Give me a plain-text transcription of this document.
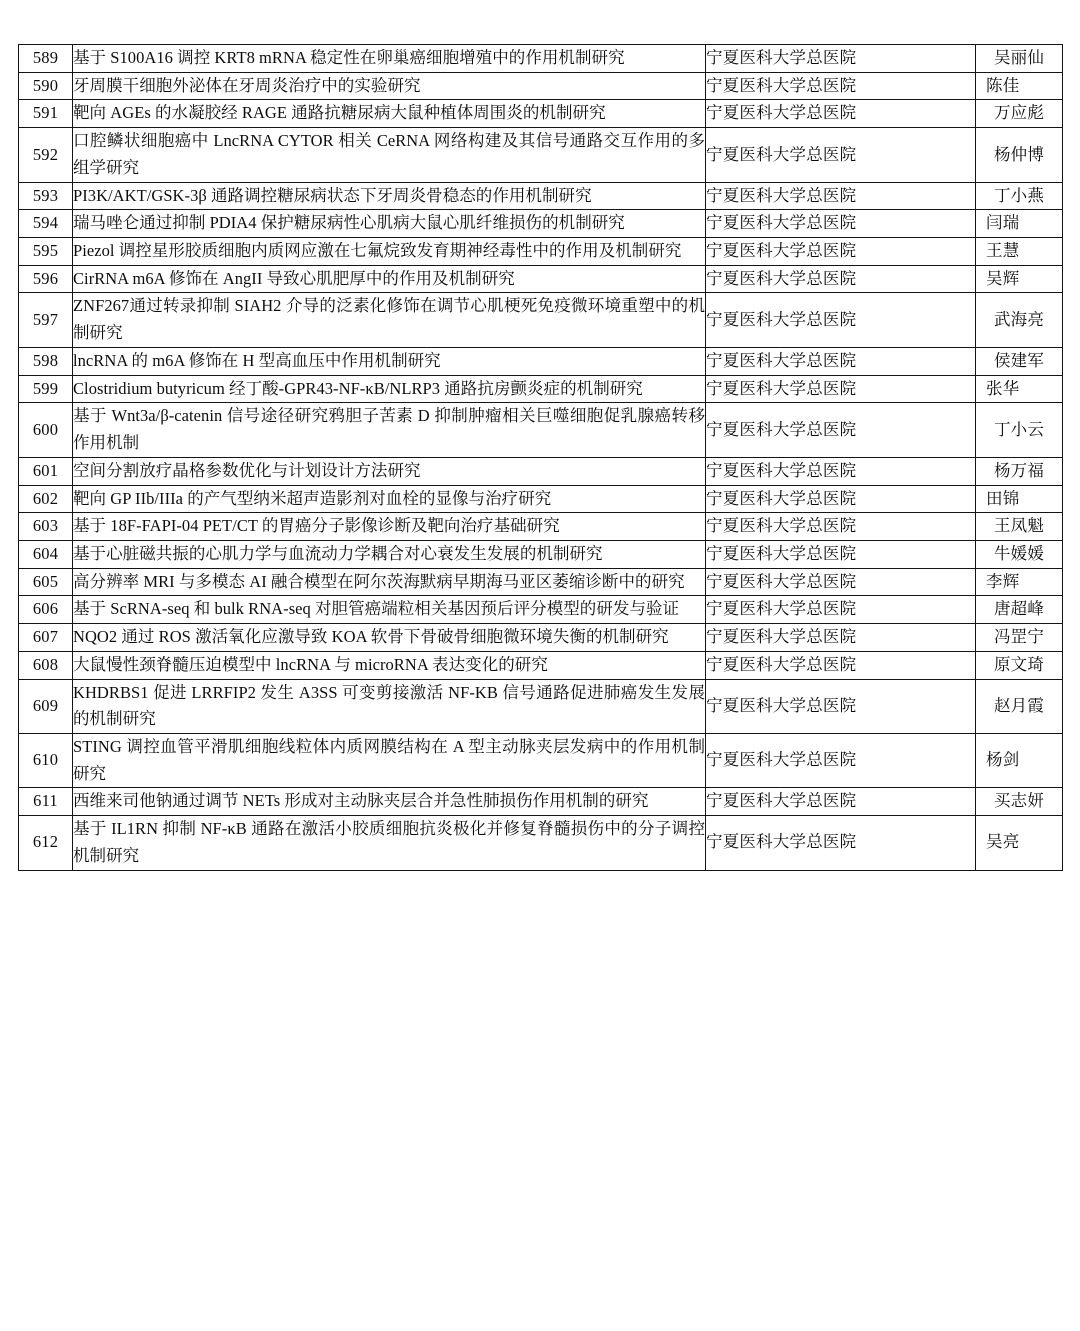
589	基于 S100A16 调控 KRT8 mRNA 稳定性在卵巢癌细胞增殖中的作用机制研究	宁夏医科大学总医院	吴丽仙
590	牙周膜干细胞外泌体在牙周炎治疗中的实验研究	宁夏医科大学总医院	陈佳
591	靶向 AGEs 的水凝胶经 RAGE 通路抗糖尿病大鼠种植体周围炎的机制研究	宁夏医科大学总医院	万应彪
592	口腔鳞状细胞癌中 LncRNA CYTOR 相关 CeRNA 网络构建及其信号通路交互作用的多组学研究	宁夏医科大学总医院	杨仲博
593	PI3K/AKT/GSK-3β 通路调控糖尿病状态下牙周炎骨稳态的作用机制研究	宁夏医科大学总医院	丁小燕
594	瑞马唑仑通过抑制 PDIA4 保护糖尿病性心肌病大鼠心肌纤维损伤的机制研究	宁夏医科大学总医院	闫瑞
595	Piezol 调控星形胶质细胞内质网应激在七氟烷致发育期神经毒性中的作用及机制研究	宁夏医科大学总医院	王慧
596	CirRNA m6A 修饰在 AngII 导致心肌肥厚中的作用及机制研究	宁夏医科大学总医院	吴辉
597	ZNF267通过转录抑制 SIAH2 介导的泛素化修饰在调节心肌梗死免疫微环境重塑中的机制研究	宁夏医科大学总医院	武海亮
598	lncRNA 的 m6A 修饰在 H 型高血压中作用机制研究	宁夏医科大学总医院	侯建军
599	Clostridium butyricum 经丁酸-GPR43-NF-κB/NLRP3 通路抗房颤炎症的机制研究	宁夏医科大学总医院	张华
600	基于 Wnt3a/β-catenin 信号途径研究鸦胆子苦素 D 抑制肿瘤相关巨噬细胞促乳腺癌转移作用机制	宁夏医科大学总医院	丁小云
601	空间分割放疗晶格参数优化与计划设计方法研究	宁夏医科大学总医院	杨万福
602	靶向 GP IIb/IIIa 的产气型纳米超声造影剂对血栓的显像与治疗研究	宁夏医科大学总医院	田锦
603	基于 18F-FAPI-04 PET/CT 的胃癌分子影像诊断及靶向治疗基础研究	宁夏医科大学总医院	王凤魁
604	基于心脏磁共振的心肌力学与血流动力学耦合对心衰发生发展的机制研究	宁夏医科大学总医院	牛媛媛
605	高分辨率 MRI 与多模态 AI 融合模型在阿尔茨海默病早期海马亚区萎缩诊断中的研究	宁夏医科大学总医院	李辉
606	基于 ScRNA-seq 和 bulk RNA-seq 对胆管癌端粒相关基因预后评分模型的研发与验证	宁夏医科大学总医院	唐超峰
607	NQO2 通过 ROS 激活氧化应激导致 KOA 软骨下骨破骨细胞微环境失衡的机制研究	宁夏医科大学总医院	冯罡宁
608	大鼠慢性颈脊髓压迫模型中 lncRNA 与 microRNA 表达变化的研究	宁夏医科大学总医院	原文琦
609	KHDRBS1 促进 LRRFIP2 发生 A3SS 可变剪接激活 NF-KB 信号通路促进肺癌发生发展的机制研究	宁夏医科大学总医院	赵月霞
610	STING 调控血管平滑肌细胞线粒体内质网膜结构在 A 型主动脉夹层发病中的作用机制研究	宁夏医科大学总医院	杨剑
611	西维来司他钠通过调节 NETs 形成对主动脉夹层合并急性肺损伤作用机制的研究	宁夏医科大学总医院	买志妍
612	基于 IL1RN 抑制 NF-κB 通路在激活小胶质细胞抗炎极化并修复脊髓损伤中的分子调控机制研究	宁夏医科大学总医院	吴亮
